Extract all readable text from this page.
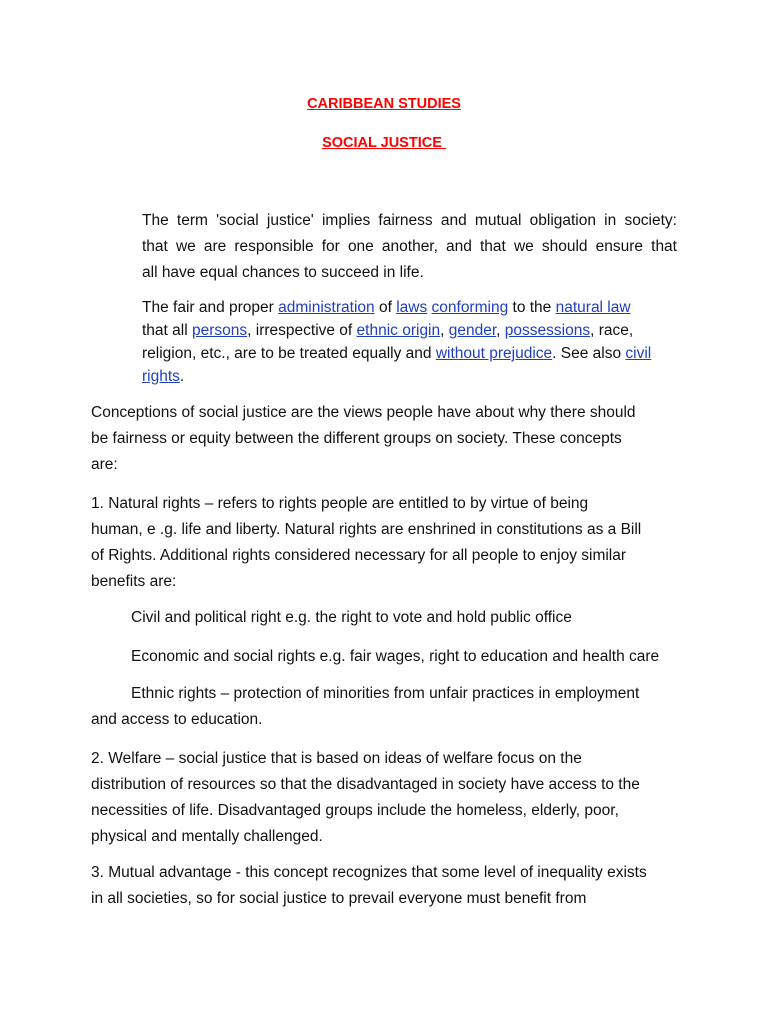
CARIBBEAN STUDIES
SOCIAL JUSTICE
The term 'social justice' implies fairness and mutual obligation in society:
that we are responsible for one another, and that we should ensure that
all have equal chances to succeed in life.
The fair and proper administration of laws conforming to the natural law
that all persons, irrespective of ethnic origin, gender, possessions, race,
religion, etc., are to be treated equally and without prejudice. See also civil
rights.
Conceptions of social justice are the views people have about why there should
be fairness or equity between the different groups on society. These concepts
are:
1. Natural rights – refers to rights people are entitled to by virtue of being
human, e .g. life and liberty. Natural rights are enshrined in constitutions as a Bill
of Rights. Additional rights considered necessary for all people to enjoy similar
benefits are:
Civil and political right e.g. the right to vote and hold public office
Economic and social rights e.g. fair wages, right to education and health care
Ethnic rights – protection of minorities from unfair practices in employment
and access to education.
2. Welfare – social justice that is based on ideas of welfare focus on the
distribution of resources so that the disadvantaged in society have access to the
necessities of life. Disadvantaged groups include the homeless, elderly, poor,
physical and mentally challenged.
3. Mutual advantage - this concept recognizes that some level of inequality exists
in all societies, so for social justice to prevail everyone must benefit from
